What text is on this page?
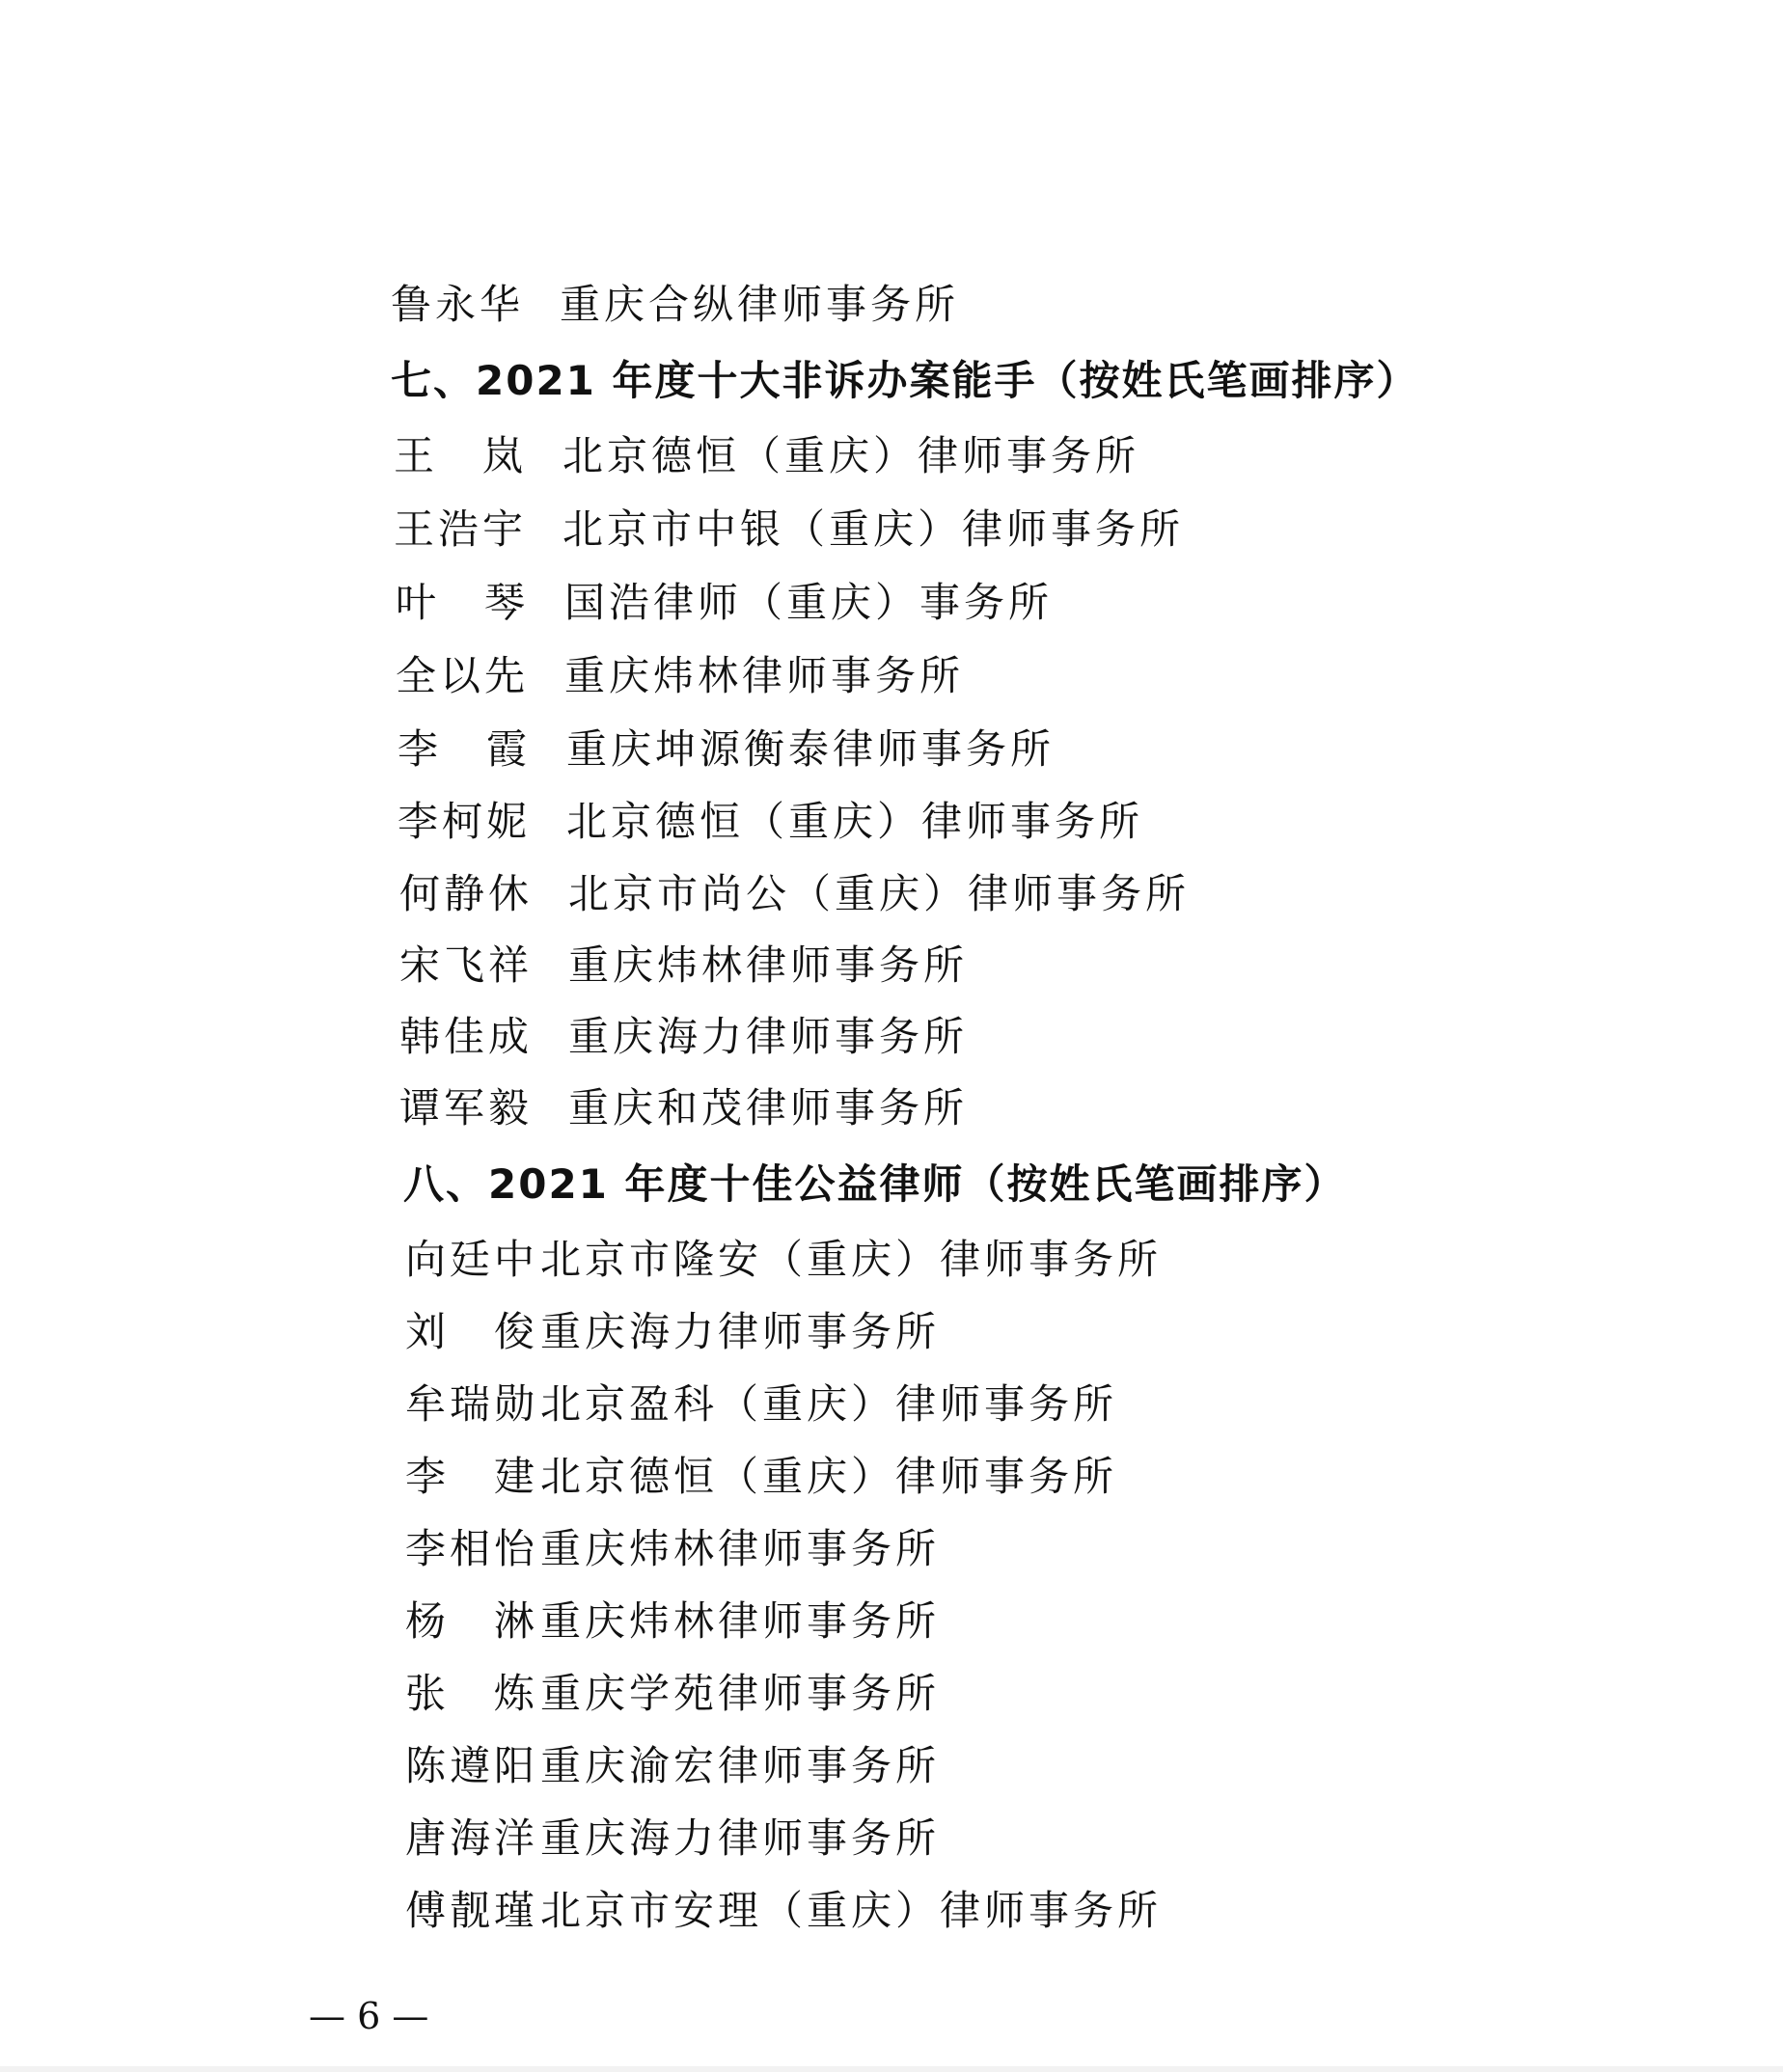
鲁永华 重庆合纵律师事务所
七、2021 年度十大非诉办案能手（按姓氏笔画排序）
王　岚 北京德恒（重庆）律师事务所
王浩宇 北京市中银（重庆）律师事务所
叶　琴 国浩律师（重庆）事务所
全以先 重庆炜林律师事务所
李　霞 重庆坤源衡泰律师事务所
李柯妮 北京德恒（重庆）律师事务所
何静休 北京市尚公（重庆）律师事务所
宋飞祥 重庆炜林律师事务所
韩佳成 重庆海力律师事务所
谭军毅 重庆和茂律师事务所
八、2021 年度十佳公益律师（按姓氏笔画排序）
向廷中北京市隆安（重庆）律师事务所
刘　俊重庆海力律师事务所
牟瑞勋北京盈科（重庆）律师事务所
李　建北京德恒（重庆）律师事务所
李相怡重庆炜林律师事务所
杨　淋重庆炜林律师事务所
张　炼重庆学苑律师事务所
陈遵阳重庆渝宏律师事务所
唐海洋重庆海力律师事务所
傅靓瑾北京市安理（重庆）律师事务所
— 6 —
